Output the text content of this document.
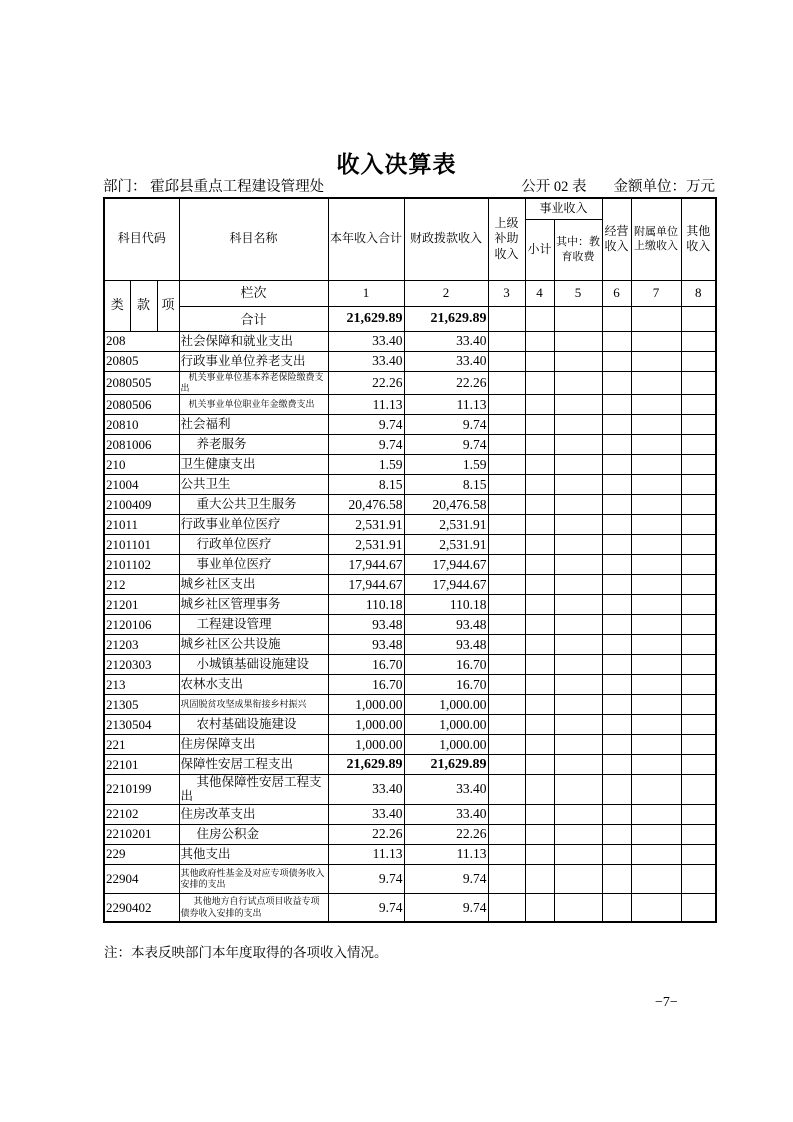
收入决算表
部门： 霍邱县重点工程建设管理处	公开 02 表 金额单位：万元
科目代码			科目名称	本年收入合计	财政拨款收入	上级补助收入	事业收入		经营收入	附属单位上缴收入	其他收入
							小计	其中：教育收费			
类	款	项	栏次	1	2	3	4	5	6	7	8
			合计	21,629.89	21,629.89						
208			社会保障和就业支出	33.40	33.40						
20805			行政事业单位养老支出	33.40	33.40						
2080505			机关事业单位基本养老保险缴费支出	22.26	22.26						
2080506			机关事业单位职业年金缴费支出	11.13	11.13						
20810			社会福利	9.74	9.74						
2081006			养老服务	9.74	9.74						
210			卫生健康支出	1.59	1.59						
21004			公共卫生	8.15	8.15						
2100409			重大公共卫生服务	20,476.58	20,476.58						
21011			行政事业单位医疗	2,531.91	2,531.91						
2101101			行政单位医疗	2,531.91	2,531.91						
2101102			事业单位医疗	17,944.67	17,944.67						
212			城乡社区支出	17,944.67	17,944.67						
21201			城乡社区管理事务	110.18	110.18						
2120106			工程建设管理	93.48	93.48						
21203			城乡社区公共设施	93.48	93.48						
2120303			小城镇基础设施建设	16.70	16.70						
213			农林水支出	16.70	16.70						
21305			巩固脱贫攻坚成果衔接乡村振兴	1,000.00	1,000.00						
2130504			农村基础设施建设	1,000.00	1,000.00						
221			住房保障支出	1,000.00	1,000.00						
22101			保障性安居工程支出	21,629.89	21,629.89						
2210199			其他保障性安居工程支出	33.40	33.40						
22102			住房改革支出	33.40	33.40						
2210201			住房公积金	22.26	22.26						
229			其他支出	11.13	11.13						
22904			其他政府性基金及对应专项债务收入安排的支出	9.74	9.74						
2290402			其他地方自行试点项目收益专项债券收入安排的支出	9.74	9.74						
注：本表反映部门本年度取得的各项收入情况。
−7−
